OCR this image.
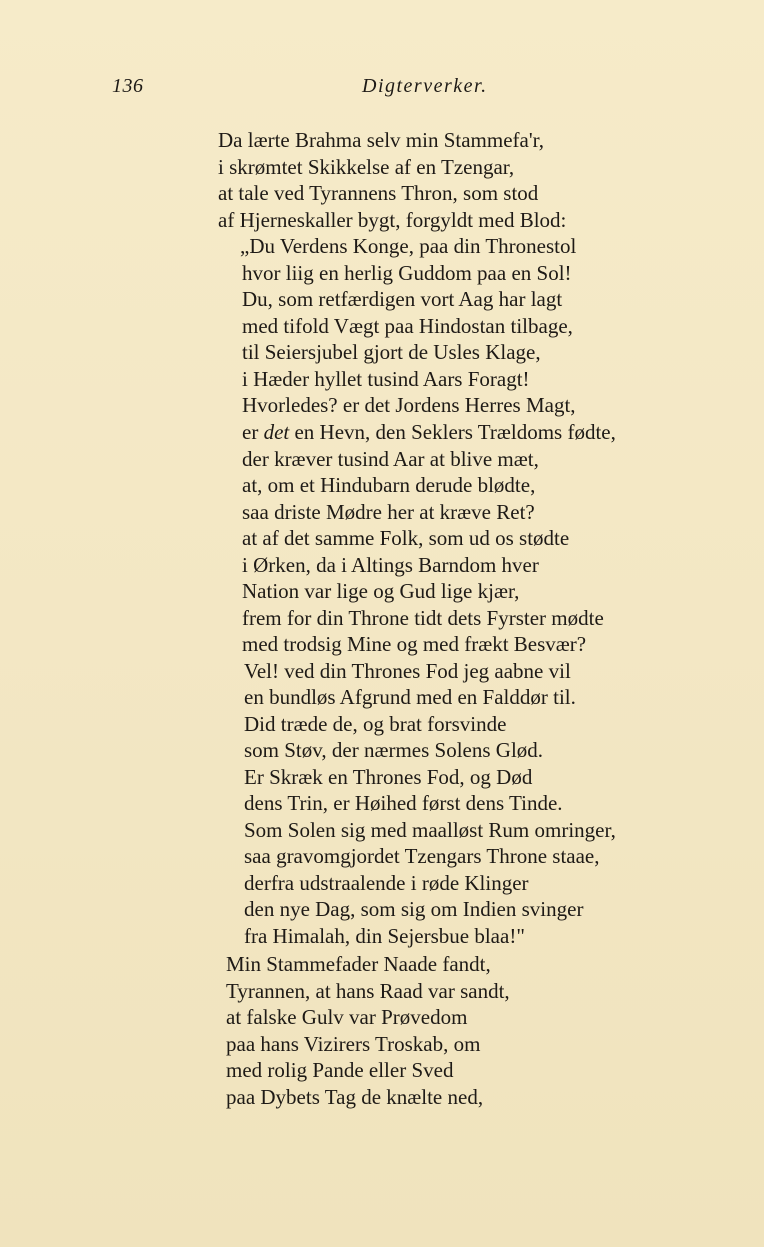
136	Digterverker.
Da lærte Brahma selv min Stammefa'r,
i skrømtet Skikkelse af en Tzengar,
at tale ved Tyrannens Thron, som stod
af Hjerneskaller bygt, forgyldt med Blod:
„Du Verdens Konge, paa din Thronestol
hvor liig en herlig Guddom paa en Sol!
Du, som retfærdigen vort Aag har lagt
med tifold Vægt paa Hindostan tilbage,
til Seiersjubel gjort de Usles Klage,
i Hæder hyllet tusind Aars Foragt!
Hvorledes? er det Jordens Herres Magt,
er det en Hevn, den Seklers Trældoms fødte,
der kræver tusind Aar at blive mæt,
at, om et Hindubarn derude blødte,
saa driste Mødre her at kræve Ret?
at af det samme Folk, som ud os stødte
i Ørken, da i Altings Barndom hver
Nation var lige og Gud lige kjær,
frem for din Throne tidt dets Fyrster mødte
med trodsig Mine og med frækt Besvær?
Vel! ved din Thrones Fod jeg aabne vil
en bundløs Afgrund med en Falddør til.
Did træde de, og brat forsvinde
som Støv, der nærmes Solens Glød.
Er Skræk en Thrones Fod, og Død
dens Trin, er Høihed først dens Tinde.
Som Solen sig med maalløst Rum omringer,
saa gravomgjordet Tzengars Throne staae,
derfra udstraalende i røde Klinger
den nye Dag, som sig om Indien svinger
fra Himalah, din Sejersbue blaa!"
Min Stammefader Naade fandt,
Tyrannen, at hans Raad var sandt,
at falske Gulv var Prøvedom
paa hans Vizirers Troskab, om
med rolig Pande eller Sved
paa Dybets Tag de knælte ned,
